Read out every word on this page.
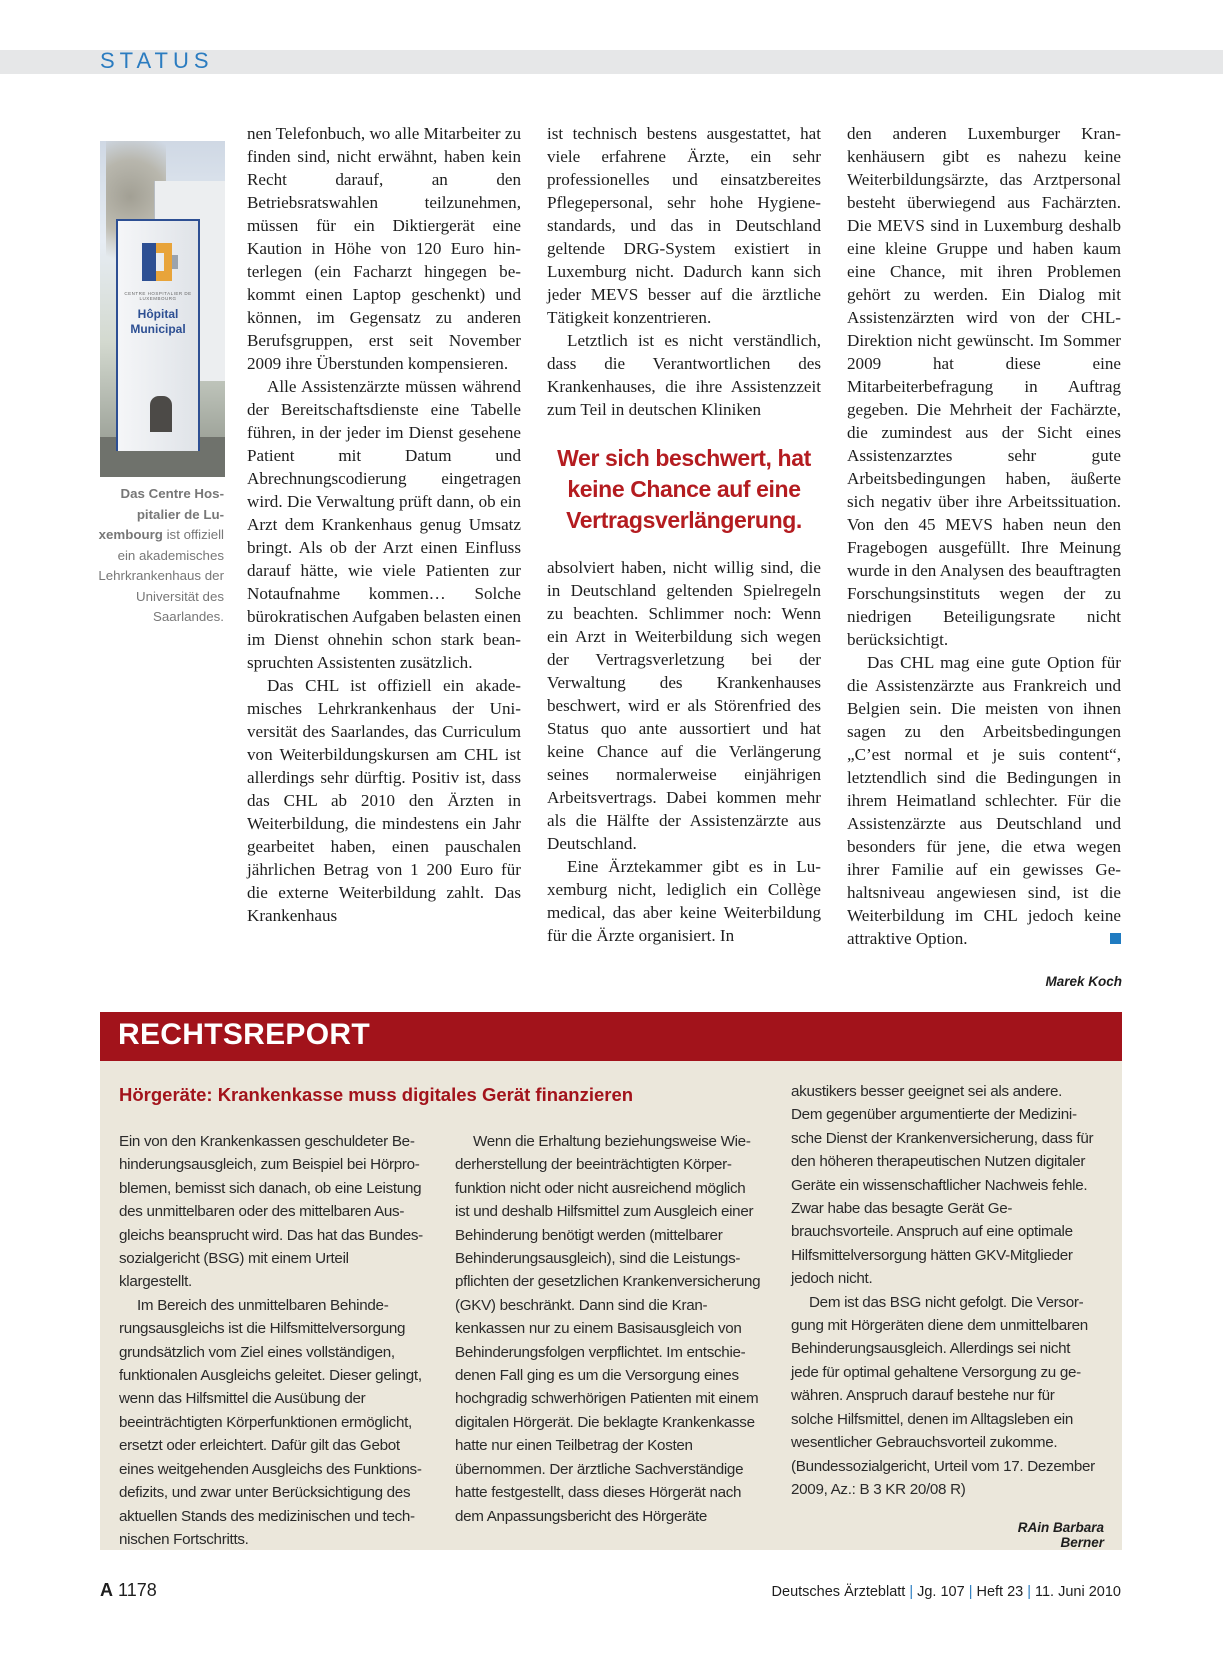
STATUS
CENTRE HOSPITALIER DE LUXEMBOURG
Hôpital Municipal
Das Centre Hospitalier de Luxembourg ist offiziell ein akademisches Lehrkrankenhaus der Universität des Saarlandes.

nen Telefonbuch, wo alle Mitarbeiter zu finden sind, nicht erwähnt, haben kein Recht darauf, an den Betriebsratswahlen teilzunehmen, müssen für ein Diktiergerät eine Kaution in Höhe von 120 Euro hinterlegen (ein Facharzt hingegen bekommt einen Laptop geschenkt) und können, im Gegensatz zu anderen Berufsgruppen, erst seit November 2009 ihre Überstunden kompensieren.

Alle Assistenzärzte müssen während der Bereitschaftsdienste eine Tabelle führen, in der jeder im Dienst gesehene Patient mit Datum und Abrechnungscodierung eingetragen wird. Die Verwaltung prüft dann, ob ein Arzt dem Krankenhaus genug Umsatz bringt. Als ob der Arzt einen Einfluss darauf hätte, wie viele Patienten zur Notaufnahme kommen… Solche bürokratischen Aufgaben belasten einen im Dienst ohnehin schon stark beanspruchten Assistenten zusätzlich.

Das CHL ist offiziell ein akademisches Lehrkrankenhaus der Universität des Saarlandes, das Curriculum von Weiterbildungskursen am CHL ist allerdings sehr dürftig. Positiv ist, dass das CHL ab 2010 den Ärzten in Weiterbildung, die mindestens ein Jahr gearbeitet haben, einen pauschalen jährlichen Betrag von 1 200 Euro für die externe Weiterbildung zahlt. Das Krankenhaus

ist technisch bestens ausgestattet, hat viele erfahrene Ärzte, ein sehr professionelles und einsatzbereites Pflegepersonal, sehr hohe Hygienestandards, und das in Deutschland geltende DRG-System existiert in Luxemburg nicht. Dadurch kann sich jeder MEVS besser auf die ärztliche Tätigkeit konzentrieren.

Letztlich ist es nicht verständlich, dass die Verantwortlichen des Krankenhauses, die ihre Assistenzzeit zum Teil in deutschen Kliniken

Wer sich beschwert, hat keine Chance auf eine Vertragsverlängerung.

absolviert haben, nicht willig sind, die in Deutschland geltenden Spielregeln zu beachten. Schlimmer noch: Wenn ein Arzt in Weiterbildung sich wegen der Vertragsverletzung bei der Verwaltung des Krankenhauses beschwert, wird er als Störenfried des Status quo ante aussortiert und hat keine Chance auf die Verlängerung seines normalerweise einjährigen Arbeitsvertrags. Dabei kommen mehr als die Hälfte der Assistenzärzte aus Deutschland.

Eine Ärztekammer gibt es in Luxemburg nicht, lediglich ein Collège medical, das aber keine Weiterbildung für die Ärzte organisiert. In

den anderen Luxemburger Krankenhäusern gibt es nahezu keine Weiterbildungsärzte, das Arztpersonal besteht überwiegend aus Fachärzten. Die MEVS sind in Luxemburg deshalb eine kleine Gruppe und haben kaum eine Chance, mit ihren Problemen gehört zu werden. Ein Dialog mit Assistenzärzten wird von der CHL-Direktion nicht gewünscht. Im Sommer 2009 hat diese eine Mitarbeiterbefragung in Auftrag gegeben. Die Mehrheit der Fachärzte, die zumindest aus der Sicht eines Assistenzarztes sehr gute Arbeitsbedingungen haben, äußerte sich negativ über ihre Arbeitssituation. Von den 45 MEVS haben neun den Fragebogen ausgefüllt. Ihre Meinung wurde in den Analysen des beauftragten Forschungsinstituts wegen der zu niedrigen Beteiligungsrate nicht berücksichtigt.

Das CHL mag eine gute Option für die Assistenzärzte aus Frankreich und Belgien sein. Die meisten von ihnen sagen zu den Arbeitsbedingungen „C’est normal et je suis content“, letztendlich sind die Bedingungen in ihrem Heimatland schlechter. Für die Assistenzärzte aus Deutschland und besonders für jene, die etwa wegen ihrer Familie auf ein gewisses Gehaltsniveau angewiesen sind, ist die Weiterbildung im CHL jedoch keine attraktive Option.

Marek Koch
RECHTSREPORT
Hörgeräte: Krankenkasse muss digitales Gerät finanzieren

Ein von den Krankenkassen geschuldeter Behinderungsausgleich, zum Beispiel bei Hörproblemen, bemisst sich danach, ob eine Leistung des unmittelbaren oder des mittelbaren Ausgleichs beansprucht wird. Das hat das Bundessozialgericht (BSG) mit einem Urteil klargestellt.

Im Bereich des unmittelbaren Behinderungsausgleichs ist die Hilfsmittelversorgung grundsätzlich vom Ziel eines vollständigen, funktionalen Ausgleichs geleitet. Dieser gelingt, wenn das Hilfsmittel die Ausübung der beeinträchtigten Körperfunktionen ermöglicht, ersetzt oder erleichtert. Dafür gilt das Gebot eines weitgehenden Ausgleichs des Funktionsdefizits, und zwar unter Berücksichtigung des aktuellen Stands des medizinischen und technischen Fortschritts.

Wenn die Erhaltung beziehungsweise Wiederherstellung der beeinträchtigten Körperfunktion nicht oder nicht ausreichend möglich ist und deshalb Hilfsmittel zum Ausgleich einer Behinderung benötigt werden (mittelbarer Behinderungsausgleich), sind die Leistungspflichten der gesetzlichen Krankenversicherung (GKV) beschränkt. Dann sind die Krankenkassen nur zu einem Basisausgleich von Behinderungsfolgen verpflichtet. Im entschiedenen Fall ging es um die Versorgung eines hochgradig schwerhörigen Patienten mit einem digitalen Hörgerät. Die beklagte Krankenkasse hatte nur einen Teilbetrag der Kosten übernommen. Der ärztliche Sachverständige hatte festgestellt, dass dieses Hörgerät nach dem Anpassungsbericht des Hörgeräte

akustikers besser geeignet sei als andere. Dem gegenüber argumentierte der Medizinische Dienst der Krankenversicherung, dass für den höheren therapeutischen Nutzen digitaler Geräte ein wissenschaftlicher Nachweis fehle. Zwar habe das besagte Gerät Gebrauchsvorteile. Anspruch auf eine optimale Hilfsmittelversorgung hätten GKV-Mitglieder jedoch nicht.

Dem ist das BSG nicht gefolgt. Die Versorgung mit Hörgeräten diene dem unmittelbaren Behinderungsausgleich. Allerdings sei nicht jede für optimal gehaltene Versorgung zu gewähren. Anspruch darauf bestehe nur für solche Hilfsmittel, denen im Alltagsleben ein wesentlicher Gebrauchsvorteil zukomme. (Bundessozialgericht, Urteil vom 17. Dezember 2009, Az.: B 3 KR 20/08 R)

RAin Barbara Berner
A 1178	Deutsches Ärzteblatt | Jg. 107 | Heft 23 | 11. Juni 2010
